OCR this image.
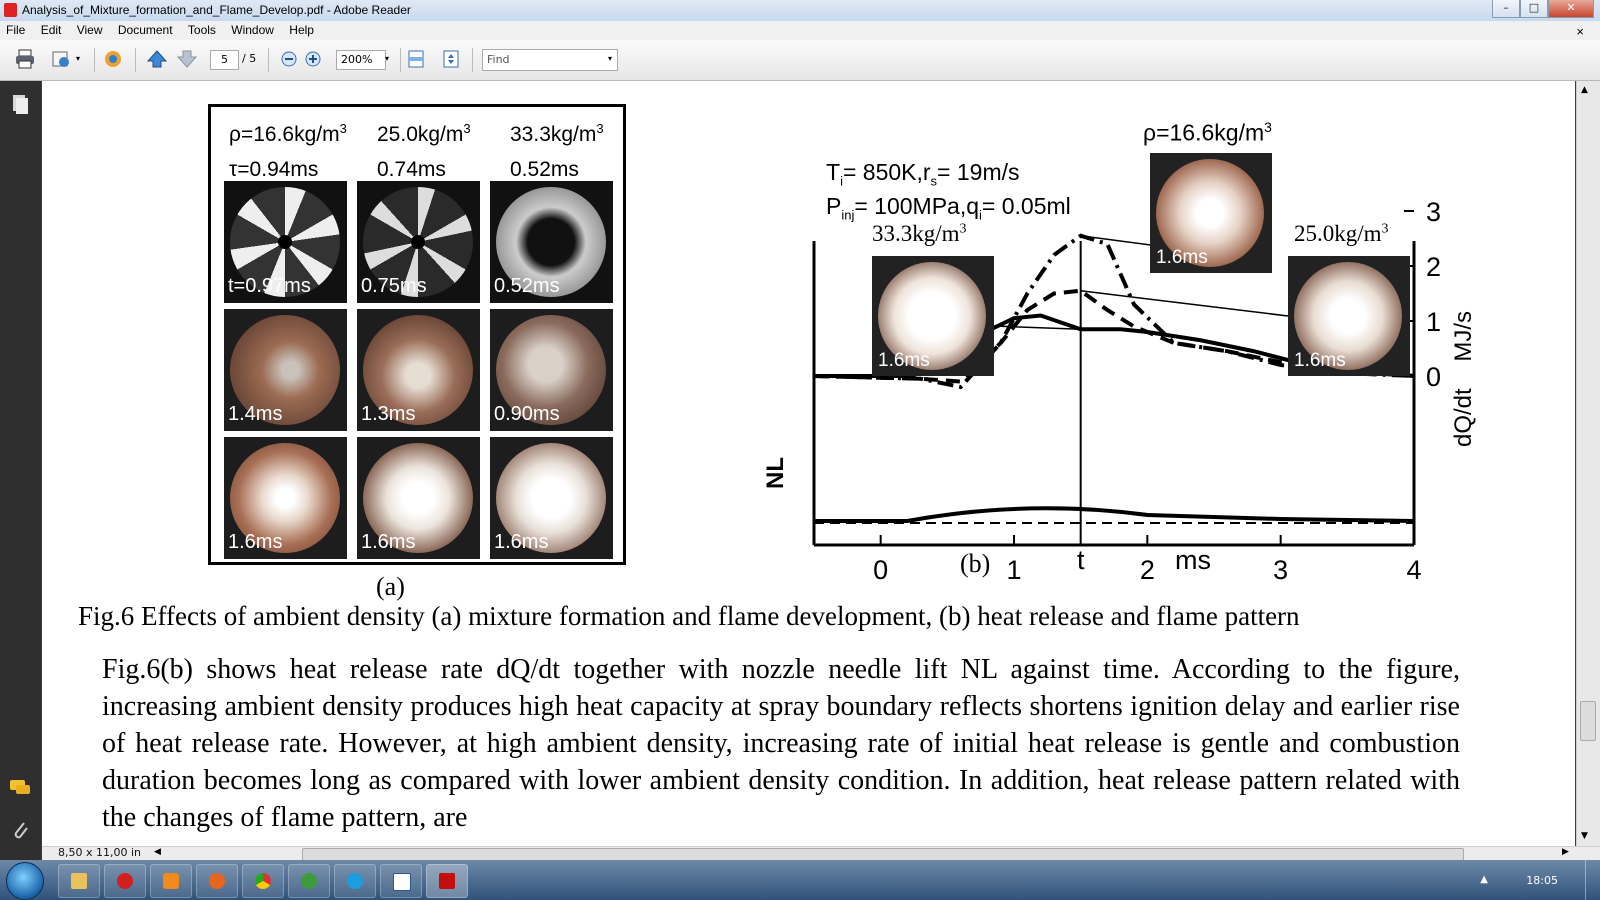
Analysis_of_Mixture_formation_and_Flame_Develop.pdf - Adobe Reader	–	□	✕
File Edit View Document Tools Window Help	×
▾	5	/ 5	200%	▾	Find	▾
$\rho=16.6kg/m^3$ $25.0kg/m^3$ $33.3kg/m^3$
τ=0.94ms	0.74ms	0.52ms
t=0.97ms	0.75ms	0.52ms
1.4ms	1.3ms	0.90ms
1.6ms	1.6ms	1.6ms
(a)
$T_i= 850K,r_s= 19m/s$
$P_{inj}= 100MPa,q_i= 0.05ml$
$\rho=16.6kg/m^3$
$25.0kg/m^3$
$33.3kg/m^3$
0	1	2	3	4
3
2
1
0
1.6ms
1.6ms	1.6ms
NL
dQ/dt    MJ/s
t	ms
(b)
Fig.6 Effects of ambient density (a) mixture formation and flame development, (b) heat release and flame pattern
Fig.6(b) shows heat release rate dQ/dt together with nozzle needle lift NL against time. According to the figure, increasing ambient density produces high heat capacity at spray boundary reflects shortens ignition delay and earlier rise of heat release rate. However, at high ambient density, increasing rate of initial heat release is gentle and combustion duration becomes long as compared with lower ambient density condition. In addition, heat release pattern related with the changes of flame pattern, are
▲
▼
◀	▶
8,50 x 11,00 in
▲	18:05
